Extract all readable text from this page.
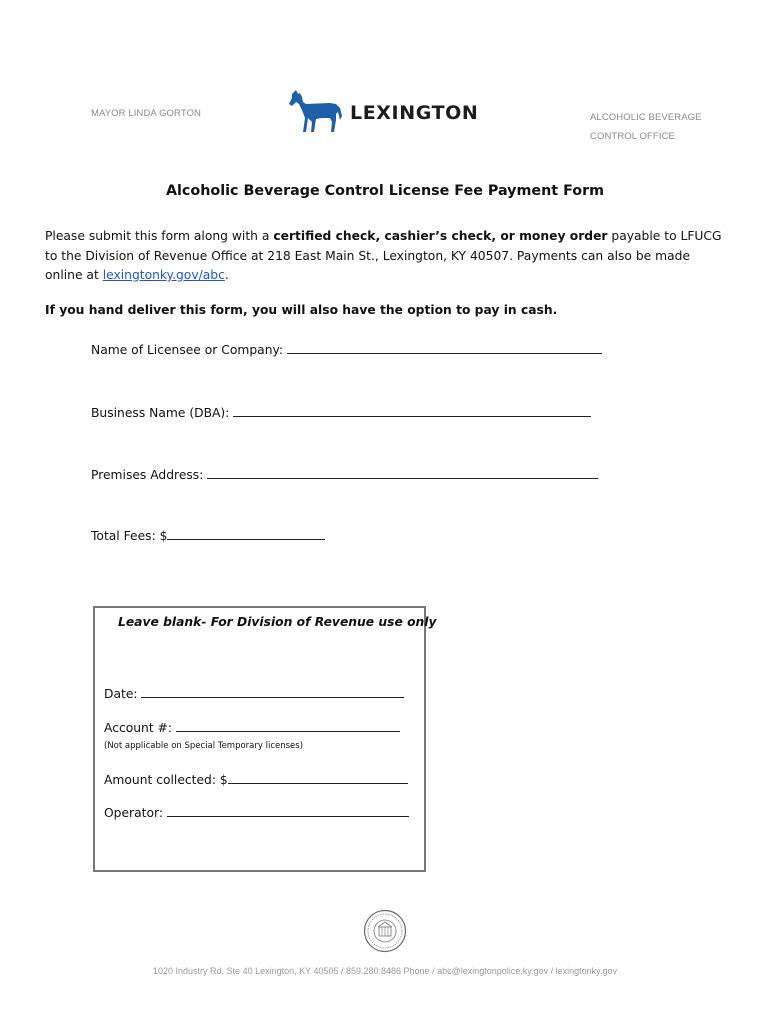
MAYOR LINDA GORTON	LEXINGTON	ALCOHOLIC BEVERAGE
CONTROL OFFICE
Alcoholic Beverage Control License Fee Payment Form
Please submit this form along with a certified check, cashier’s check, or money order payable to LFUCG to the Division of Revenue Office at 218 East Main St., Lexington, KY 40507. Payments can also be made online at lexingtonky.gov/abc.
If you hand deliver this form, you will also have the option to pay in cash.
Name of Licensee or Company:
Business Name (DBA):
Premises Address:
Total Fees: $
Leave blank- For Division of Revenue use only
Date:
Account #:
(Not applicable on Special Temporary licenses)
Amount collected: $
Operator:
1020 Industry Rd, Ste 40 Lexington, KY 40505 / 859.280.8486 Phone / abc@lexingtonpolice.ky.gov / lexingtonky.gov
